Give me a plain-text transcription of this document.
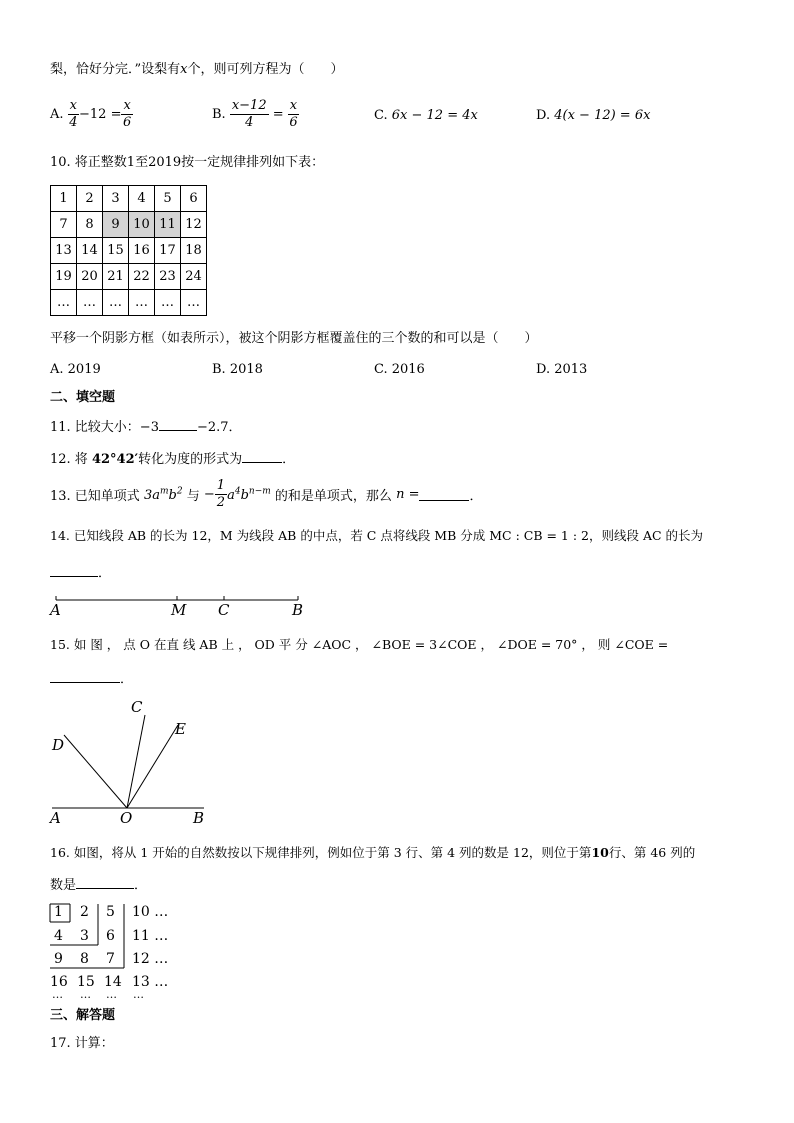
梨，恰好分完．”设梨有x个，则可列方程为（　　）
A. $\frac{x}{4} -12 = \frac{x}{6}$	B. $\frac{x-12}{4} = \frac{x}{6}$	C. 6x − 12 = 4x	D. 4(x − 12) = 6x
10. 将正整数1至2019按一定规律排列如下表：
1	2	3	4	5	6
7	8	9	10	11	12
13	14	15	16	17	18
19	20	21	22	23	24
…	…	…	…	…	…
平移一个阴影方框（如表所示），被这个阴影方框覆盖住的三个数的和可以是（　　）
A. 2019	B. 2018	C. 2016	D. 2013
二、填空题
11. 比较大小：−3	−2.7．
12. 将 42°42′转化为度的形式为	．
13. 已知单项式 $3a^mb^2$ 与 − $\frac{1}{2} a^4b^{n-m}$ 的和是单项式，那么 n =	．
14. 已知线段 AB 的长为 12，M 为线段 AB 的中点，若 C 点将线段 MB 分成 MC : CB = 1 : 2，则线段 AC 的长为
．
A	M C	B
15. 如 图 ， 点 O 在直 线 AB 上 ， OD 平 分 ∠AOC ， ∠BOE = 3∠COE ， ∠DOE = 70° ， 则 ∠COE =
．
C
E
D
A	O	B
16. 如图，将从 1 开始的自然数按以下规律排列，例如位于第 3 行、第 4 列的数是 12，则位于第10行、第 46 列的
数是	．
1 2 5 10 …
4 3 6 11 …
9 8 7 12 …
16 15 14 13 …
… … … …
三、解答题
17. 计算：
